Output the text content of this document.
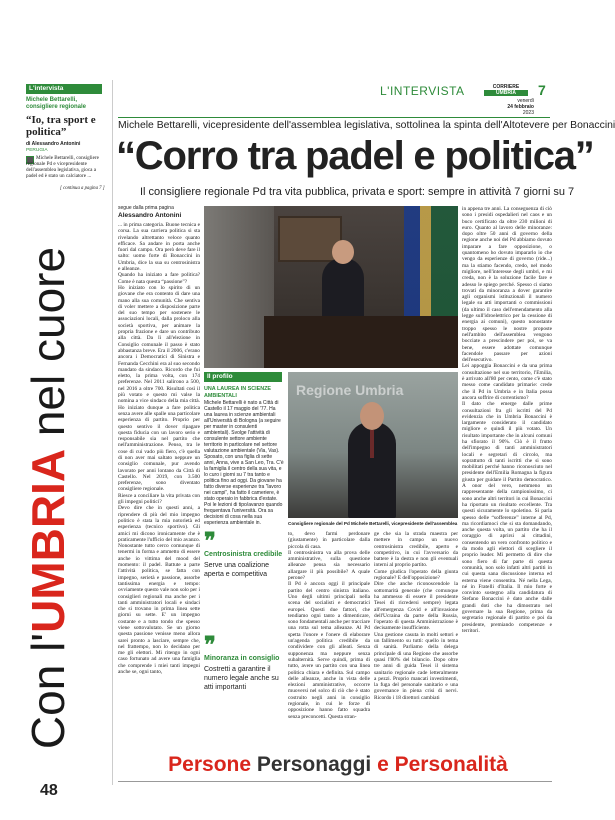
L'intervista
Michele Bettarelli, consigliere regionale
“Io, tra sport e politica”
di Alessandro Antonini
PERUGIA
Michele Bettarelli, consigliere regionale Pd e vicepresidente dell'assemblea legislativa, gioca a padel ed è stato un calciatore ...
[ continua a pagina 7 ]
Con l'UMBRIA nel cuore
48
L'INTERVISTA	CORRIERE
UMBRIA
venerdì
24 febbraio
2023
7
Michele Bettarelli, vicepresidente dell'assemblea legislativa, sottolinea la spinta dell'Altotevere per Bonaccini
“Corro tra padel e politica”
Il consigliere regionale Pd tra vita pubblica, privata e sport: sempre in attività 7 giorni su 7
segue dalla prima pagina
Alessandro Antonini
... in prima categoria. Buone tecnica e corsa. La sua carriera politica si sta rivelando altrettanto veloce quanto efficace. Sa andare in porta anche fuori dal campo. Ora però deve fare il salto: uomo forte di Bonaccini in Umbria, dice la sua su centrosinistra e alleanze.
Quando ha iniziato a fare politica? Come è nata questa “passione”?
Ho iniziato con lo spirito di un giovane che era contento di dare una mano alla sua comunità. Che sentiva di voler mettere a disposizione parte del suo tempo per sostenere le associazioni locali, dalla proloco alla società sportiva, per animare la propria frazione e dare un contributo alla città. Da lì all'elezione in Consiglio comunale il passo è stato abbastanza breve. Era il 2006, c'erano ancora i Democratici di Sinistra e Fernanda Cecchini era al suo secondo mandato da sindaco. Ricordo che fui eletto, la prima volta, con 174 preferenze. Nel 2011 salirono a 500, nel 2016 a oltre 700. Risultati così il più votato e questo mi valse la nomina a vice sindaco della mia città. Ho iniziato dunque a fare politica senza avere alle spalle una particolare esperienza di partito. Proprio per questo sentivo il dover ripagare questa fiducia con un lavoro serio e responsabile sia nel partito che nell'amministrazione. Penso, tra le cose di cui vado più fiero, c'è quella di non aver mai saltato neppure un consiglio comunale, pur avendo lavorato per anni lontano da Città di Castello. Nel 2019, con 3.500 preferenze, sono diventato consigliere regionale.
Riesce a conciliare la vita privata con gli impegni politici?
Devo dire che in questi anni, a riprendere di più del mio impegno politico è stata la mia notorietà ed esperienza (tecnico sportivo). Gli amici mi dicono ironicamente che è praticamente l'ufficio del mio avanzo. Nonostante tutto cerco comunque di tenermi in forma e ammetto di essere anche io vittima del mood del momento: il padel. Battute a parte l'attività politica, se fatta con impegno, serietà e passione, assorbe tantissima energia e tempo: ovviamente questo vale non solo per i consiglieri regionali ma anche per i tanti amministratori locali e sindaci che si trovano in prima linea sette giorni su sette. E' un impegno costante e a tutto tondo che spesso viene sottovalutato. Se un giorno questa passione venisse meno allora sarei pronto a lasciare, sempre che, nel frattempo, non lo decidano per me gli elettori. Mi ritengo in ogni caso fortunato ad avere una famiglia che comprende i miei tanti impegni anche se, ogni tanto,
Il profilo
UNA LAUREA IN SCIENZE AMBIENTALI
Michele Bettarelli è nato a Città di Castello il 17 maggio del '77. Ha una laurea in scienze ambientali all'Università di Bologna (a seguire per master in consulenti ambientali). Svolge l'attività di consulente settore ambiente territorio in particolare nel settore valutazione ambientale (Via, Vas). Sposato, con una figlia di sette anni, Anna, vive a San Leo, Tra. C'è la famiglia il centro della sua vita, e lo curo i giorni su 7 tra tanto e politica fino ad oggi. Da giovane ha fatto diverse esperienze tra “lavoro nei campi”, ha fatto il cameriere, è stato operaio in fabbrica d'estate. Poi le lezioni di tipo/avanzo quando frequentava l'università. Ora sa decisioni di cosa nella sua esperienza ambientale in.
Regione Umbria
Consigliere regionale del Pd Michele Bettarelli, vicepresidente dell'assemblea
❞
Centrosinistra credibile
Serve una coalizione aperta e competitiva
❞
Minoranza in consiglio
Costretti a garantire il numero legale anche su atti importanti
to, devo farmi perdonare (giustamente) in particolare dalla piccola di casa.
Il centrosinistra va alla prova delle amministrative, sulla questione alleanze pensa sia necessario allargare il più possibile? A quale perone?
Il Pd è ancora oggi il principale partito del centro sinistra italiano. Uno degli ultimi principali nella scena del socialisti e democratici europei. Questi due fattori, che tendiamo ogni tanto a dimenticare, sono fondamentali anche per tracciare una rotta sul tema alleanze. Al Pd spetta l'onore e l'onere di elaborare un'agenda politica credibile da condividere con gli alleati. Senza supponenza ma neppure senza subalternità. Serve quindi, prima di tutto, avere un partito con una linea politica chiara e definita. Sul campo delle alleanze, anche in vista delle elezioni amministrative, occorre muoversi nel solco di ciò che è stato costruito negli anni in consiglio regionale, in cui le forze di opposizione hanno fatto squadra senza preconcetti. Questa stran-
ge che sia la strada maestra per mettere in campo un nuovo centrosinistra credibile, aperto e competitivo, in cui l'avversario da battere è la destra e non gli eventuali interni al proprio partito.
Come giudica l'operato della giunta regionale? E dell'opposizione?
Dire che anche riconoscendole la sottomarità generale (che comunque ha ammesso di essere il presidente Tesei di ricredersi sempre) legata all'emergenza Covid e all'invasione dell'Ucraina da parte della Russia, l'operato di questa Amministrazione è decisamente insufficiente.
Una gestione casuta in molti settori e un fallimento su tutti: quello in tema di sanità. Parliamo della delega principale di una Regione che assorbe quasi l'80% del bilancio. Dopo oltre tre anni di guida Tesei il sistema sanitario regionale cade letteralmente a pezzi. Proprio mancati investimenti, la fuga del personale sanitario e una governance in piena crisi di nervi. Ricordo i 18 direttori cambiati
in appena tre anni. La conseguenza di ciò sono i presidi ospedalieri nel caos e un buco certificato da oltre 230 milioni di euro. Quanto al lavoro delle minoranze: dopo oltre 50 anni di governo della regione anche noi del Pd abbiamo dovuto imparare a fare opposizione, o quantomeno ho dovuto impararlo io che vengo da esperienze di governo (ride...) ma la stiamo facendo, credo, nel modo migliore, nell'interesse degli umbri, e mi creda, non è la soluzione facile fare e adesso le spiego perché. Spesso ci siamo trovati da minoranza a dover garantire agli organismi istituzionali il numero legale su atti importanti o commissioni (da ultimo il caso dell'emendamento alla legge sull'idroelettrico per la cessione di energia ai comuni), questo nonostante troppo spesso le nostre proposte nell'ambito dell'assemblea vengono bocciate a prescindere per poi, se va bene, essere adottate comunque facendole passare per azioni dell'esecutivo.
Lei appoggia Bonaccini e da una prima consultazione nel suo territorio, l'Emilia, è arrivato all'80 per cento, come c'è stato messo come candidato primarie: crede che il Pd in Umbria e in Italia possa ancora soffrire di correntismo?
Il dato che emerge dalle prime consultazioni fra gli iscritti del Pd evidenzia che in Umbria Bonaccini è largamente considerato il candidato migliore e quindi il più votato. Un risultato importante che in alcuni comuni ha sfiorato il 90%. Ciò è il frutto dell'impegno di tanti amministratori locali e segretari di circolo, ma soprattutto di tanti iscritti che si sono mobilitati perché hanno riconosciuto nel presidente dell'Emilia Romagna la figura giusta per guidare il Partito democratico. A onor del vero, nemmeno un rappresentante della campionissimo, ci sono anche altri territori in cui Bonaccini ha riportato un risultato eccellente. Tra questi sicuramente lo spoletino. Si parla spesso delle “sofferenze” interne al Pd, ma ricordiamoci che si sta domandando, anche questa volta, un partito che ha il coraggio di aprirsi ai cittadini, consentendo un vero confronto politico e da modo agli elettori di scegliere il proprio leader. Mi permetto di dire che sono fiero di far parte di questa comunità, non solo infatti altri partiti in cui questa sana discussione interna ed esterna viene consentita. Né nella Lega, né in Fratelli d'Italia. Il mio forte e convinto sostegno alla candidatura di Stefano Bonaccini è dato anche dalle grandi doti che ha dimostrato nel governare la sua Regione, prima da segretario regionale di partito e poi da presidente, premiando competenze e territori.
Persone Personaggi e Personalità
